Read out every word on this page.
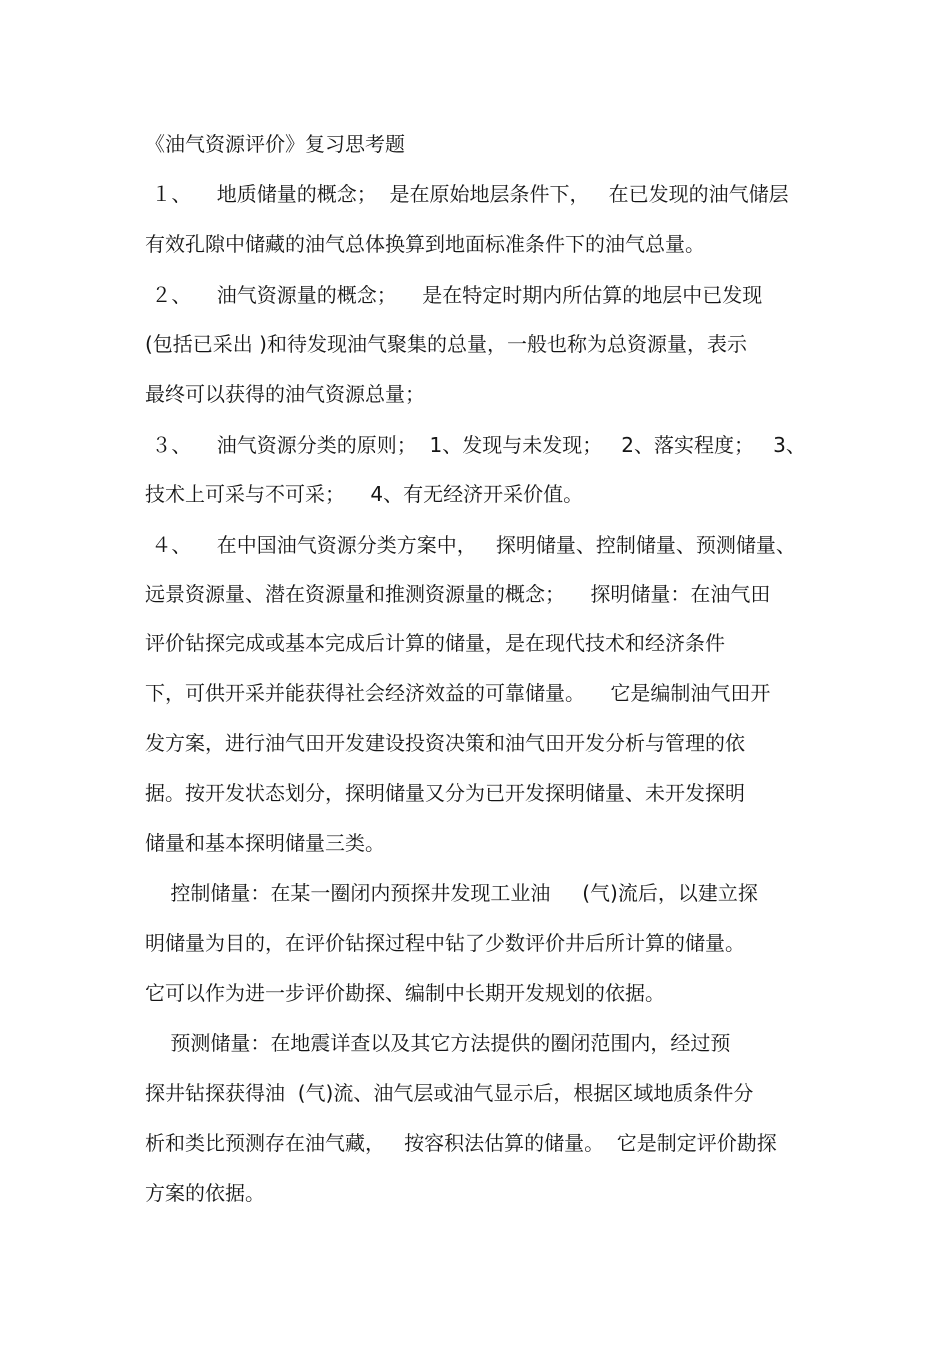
《油气资源评价》复习思考题
１、    地质储量的概念；  是在原始地层条件下，   在已发现的油气储层
有效孔隙中储藏的油气总体换算到地面标准条件下的油气总量。
２、    油气资源量的概念；    是在特定时期内所估算的地层中已发现
(包括已采出 )和待发现油气聚集的总量，一般也称为总资源量，表示
最终可以获得的油气资源总量；
３、    油气资源分类的原则；  1、发现与未发现；   2、落实程度；   3、
技术上可采与不可采；    4、有无经济开采价值。
４、    在中国油气资源分类方案中，   探明储量、控制储量、预测储量、
远景资源量、潜在资源量和推测资源量的概念；    探明储量：在油气田
评价钻探完成或基本完成后计算的储量，是在现代技术和经济条件
下，可供开采并能获得社会经济效益的可靠储量。    它是编制油气田开
发方案，进行油气田开发建设投资决策和油气田开发分析与管理的依
据。按开发状态划分，探明储量又分为已开发探明储量、未开发探明
储量和基本探明储量三类。
控制储量：在某一圈闭内预探井发现工业油     (气)流后，以建立探
明储量为目的，在评价钻探过程中钻了少数评价井后所计算的储量。
它可以作为进一步评价勘探、编制中长期开发规划的依据。
预测储量：在地震详查以及其它方法提供的圈闭范围内，经过预
探井钻探获得油  (气)流、油气层或油气显示后，根据区域地质条件分
析和类比预测存在油气藏，   按容积法估算的储量。  它是制定评价勘探
方案的依据。
